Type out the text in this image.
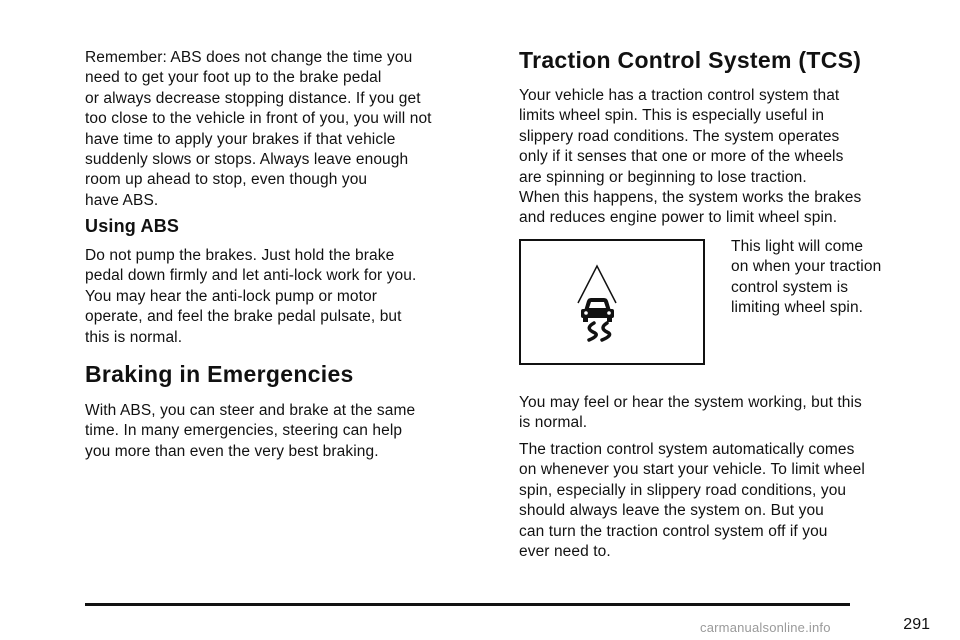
Remember: ABS does not change the time you
need to get your foot up to the brake pedal
or always decrease stopping distance. If you get
too close to the vehicle in front of you, you will not
have time to apply your brakes if that vehicle
suddenly slows or stops. Always leave enough
room up ahead to stop, even though you
have ABS.

Using ABS

Do not pump the brakes. Just hold the brake
pedal down firmly and let anti-lock work for you.
You may hear the anti-lock pump or motor
operate, and feel the brake pedal pulsate, but
this is normal.

Braking in Emergencies

With ABS, you can steer and brake at the same
time. In many emergencies, steering can help
you more than even the very best braking.

Traction Control System (TCS)

Your vehicle has a traction control system that
limits wheel spin. This is especially useful in
slippery road conditions. The system operates
only if it senses that one or more of the wheels
are spinning or beginning to lose traction.
When this happens, the system works the brakes
and reduces engine power to limit wheel spin.

This light will come
on when your traction
control system is
limiting wheel spin.

You may feel or hear the system working, but this
is normal.

The traction control system automatically comes
on whenever you start your vehicle. To limit wheel
spin, especially in slippery road conditions, you
should always leave the system on. But you
can turn the traction control system off if you
ever need to.

291
carmanualsonline.info
